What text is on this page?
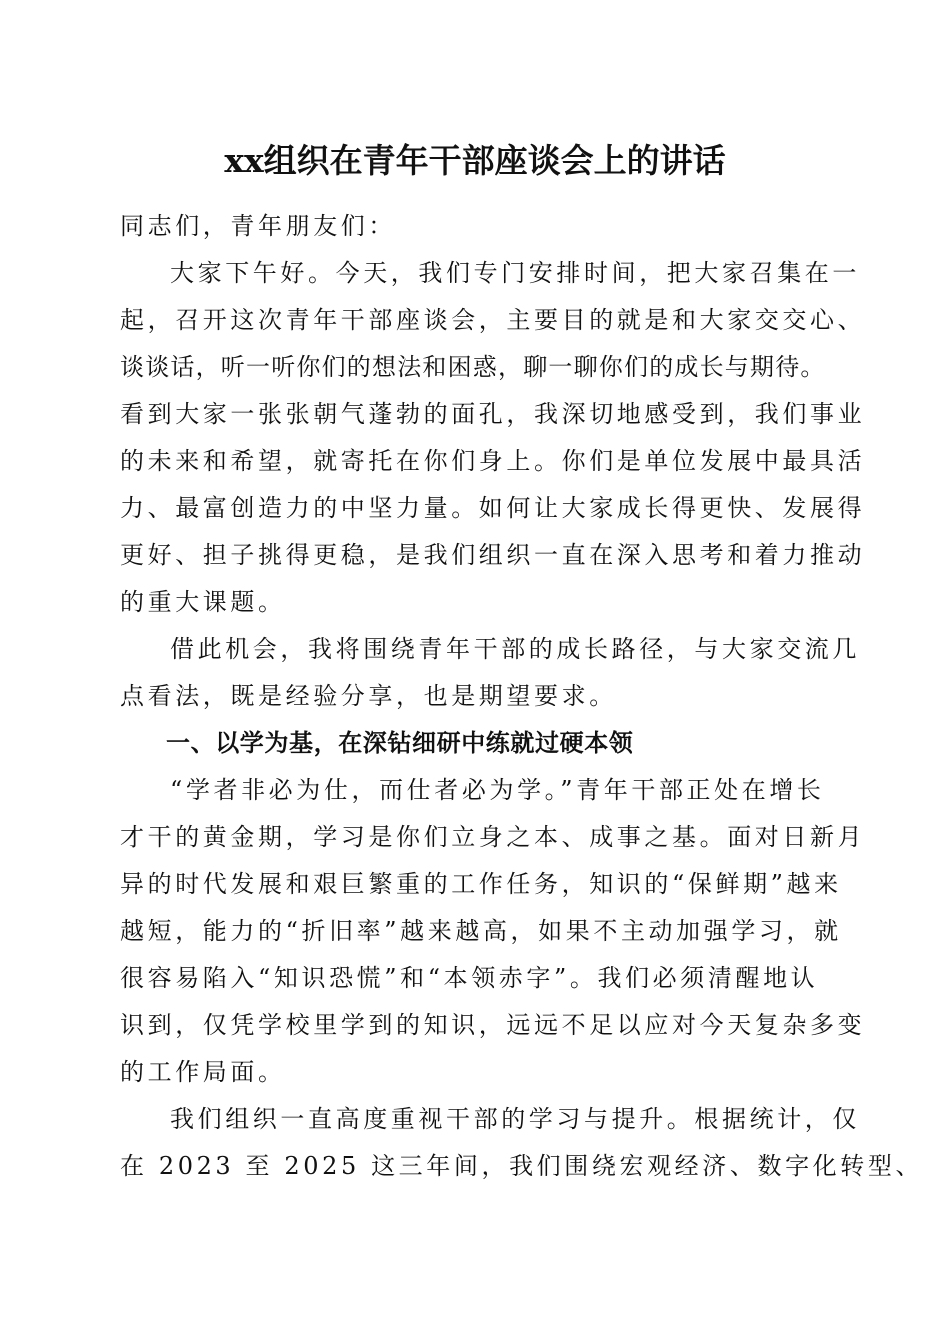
xx组织在青年干部座谈会上的讲话
同志们，青年朋友们：
大家下午好。今天，我们专门安排时间，把大家召集在一
起，召开这次青年干部座谈会，主要目的就是和大家交交心、
谈谈话，听一听你们的想法和困惑，聊一聊你们的成长与期待。
看到大家一张张朝气蓬勃的面孔，我深切地感受到，我们事业
的未来和希望，就寄托在你们身上。你们是单位发展中最具活
力、最富创造力的中坚力量。如何让大家成长得更快、发展得
更好、担子挑得更稳，是我们组织一直在深入思考和着力推动
的重大课题。
借此机会，我将围绕青年干部的成长路径，与大家交流几
点看法，既是经验分享，也是期望要求。
一、以学为基，在深钻细研中练就过硬本领
“学者非必为仕，而仕者必为学。”青年干部正处在增长
才干的黄金期，学习是你们立身之本、成事之基。面对日新月
异的时代发展和艰巨繁重的工作任务，知识的“保鲜期”越来
越短，能力的“折旧率”越来越高，如果不主动加强学习，就
很容易陷入“知识恐慌”和“本领赤字”。我们必须清醒地认
识到，仅凭学校里学到的知识，远远不足以应对今天复杂多变
的工作局面。
我们组织一直高度重视干部的学习与提升。根据统计，仅
在 2023 至 2025 这三年间，我们围绕宏观经济、数字化转型、
